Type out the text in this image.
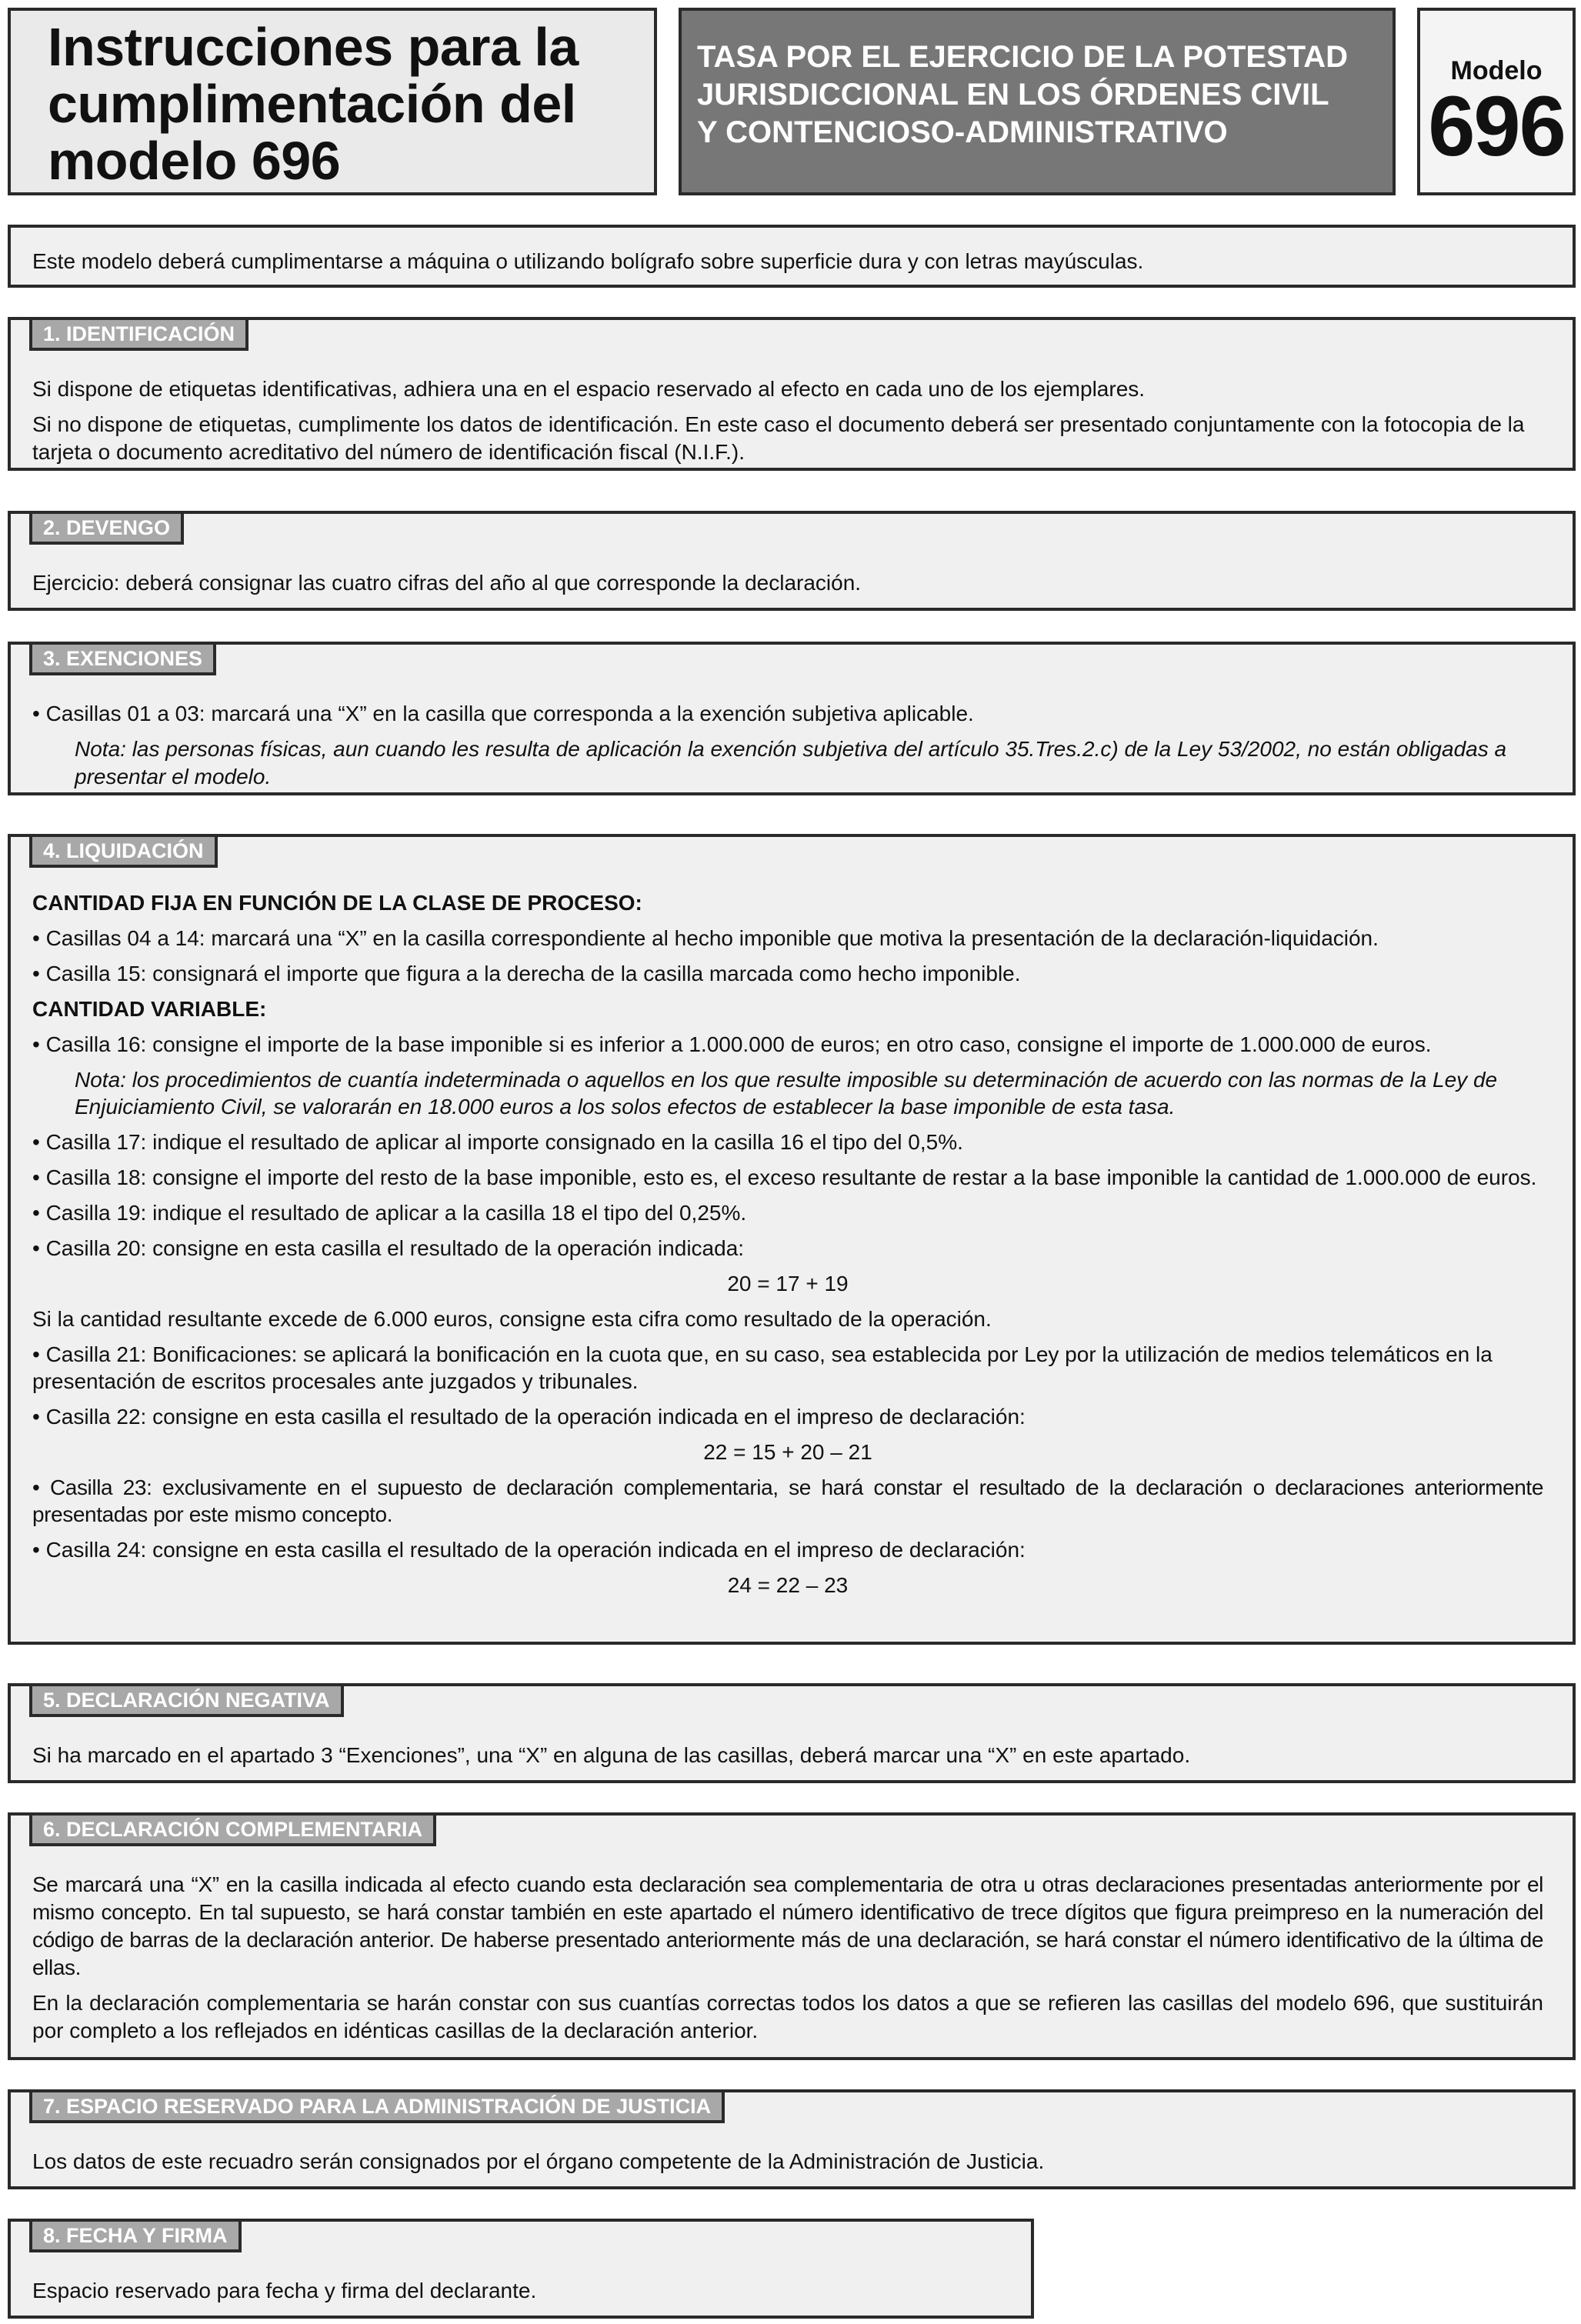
Instrucciones para la
cumplimentación del
modelo 696
TASA POR EL EJERCICIO DE LA POTESTAD
JURISDICCIONAL EN LOS ÓRDENES CIVIL
Y CONTENCIOSO-ADMINISTRATIVO
Modelo
696
Este modelo deberá cumplimentarse a máquina o utilizando bolígrafo sobre superficie dura y con letras mayúsculas.
1. IDENTIFICACIÓN

Si dispone de etiquetas identificativas, adhiera una en el espacio reservado al efecto en cada uno de los ejemplares.

Si no dispone de etiquetas, cumplimente los datos de identificación. En este caso el documento deberá ser presentado conjuntamente con la fotocopia de la tarjeta o documento acreditativo del número de identificación fiscal (N.I.F.).

2. DEVENGO

Ejercicio: deberá consignar las cuatro cifras del año al que corresponde la declaración.

3. EXENCIONES

• Casillas 01 a 03: marcará una “X” en la casilla que corresponda a la exención subjetiva aplicable.

Nota: las personas físicas, aun cuando les resulta de aplicación la exención subjetiva del artículo 35.Tres.2.c) de la Ley 53/2002, no están obligadas a presentar el modelo.

4. LIQUIDACIÓN

CANTIDAD FIJA EN FUNCIÓN DE LA CLASE DE PROCESO:

• Casillas 04 a 14: marcará una “X” en la casilla correspondiente al hecho imponible que motiva la presentación de la declaración-liquidación.

• Casilla 15: consignará el importe que figura a la derecha de la casilla marcada como hecho imponible.

CANTIDAD VARIABLE:

• Casilla 16: consigne el importe de la base imponible si es inferior a 1.000.000 de euros; en otro caso, consigne el importe de 1.000.000 de euros.

Nota: los procedimientos de cuantía indeterminada o aquellos en los que resulte imposible su determinación de acuerdo con las normas de la Ley de Enjuiciamiento Civil, se valorarán en 18.000 euros a los solos efectos de establecer la base imponible de esta tasa.

• Casilla 17: indique el resultado de aplicar al importe consignado en la casilla 16 el tipo del 0,5%.

• Casilla 18: consigne el importe del resto de la base imponible, esto es, el exceso resultante de restar a la base imponible la cantidad de 1.000.000 de euros.

• Casilla 19: indique el resultado de aplicar a la casilla 18 el tipo del 0,25%.

• Casilla 20: consigne en esta casilla el resultado de la operación indicada:

20 = 17 + 19

Si la cantidad resultante excede de 6.000 euros, consigne esta cifra como resultado de la operación.

• Casilla 21: Bonificaciones: se aplicará la bonificación en la cuota que, en su caso, sea establecida por Ley por la utilización de medios telemáticos en la presentación de escritos procesales ante juzgados y tribunales.

• Casilla 22: consigne en esta casilla el resultado de la operación indicada en el impreso de declaración:

22 = 15 + 20 – 21

• Casilla 23: exclusivamente en el supuesto de declaración complementaria, se hará constar el resultado de la declaración o declaraciones anteriormente presentadas por este mismo concepto.

• Casilla 24: consigne en esta casilla el resultado de la operación indicada en el impreso de declaración:

24 = 22 – 23

5. DECLARACIÓN NEGATIVA

Si ha marcado en el apartado 3 “Exenciones”, una “X” en alguna de las casillas, deberá marcar una “X” en este apartado.

6. DECLARACIÓN COMPLEMENTARIA

Se marcará una “X” en la casilla indicada al efecto cuando esta declaración sea complementaria de otra u otras declaraciones presentadas anteriormente por el mismo concepto. En tal supuesto, se hará constar también en este apartado el número identificativo de trece dígitos que figura preimpreso en la numeración del código de barras de la declaración anterior. De haberse presentado anteriormente más de una declaración, se hará constar el número identificativo de la última de ellas.

En la declaración complementaria se harán constar con sus cuantías correctas todos los datos a que se refieren las casillas del modelo 696, que sustituirán por completo a los reflejados en idénticas casillas de la declaración anterior.

7. ESPACIO RESERVADO PARA LA ADMINISTRACIÓN DE JUSTICIA

Los datos de este recuadro serán consignados por el órgano competente de la Administración de Justicia.

8. FECHA Y FIRMA

Espacio reservado para fecha y firma del declarante.
